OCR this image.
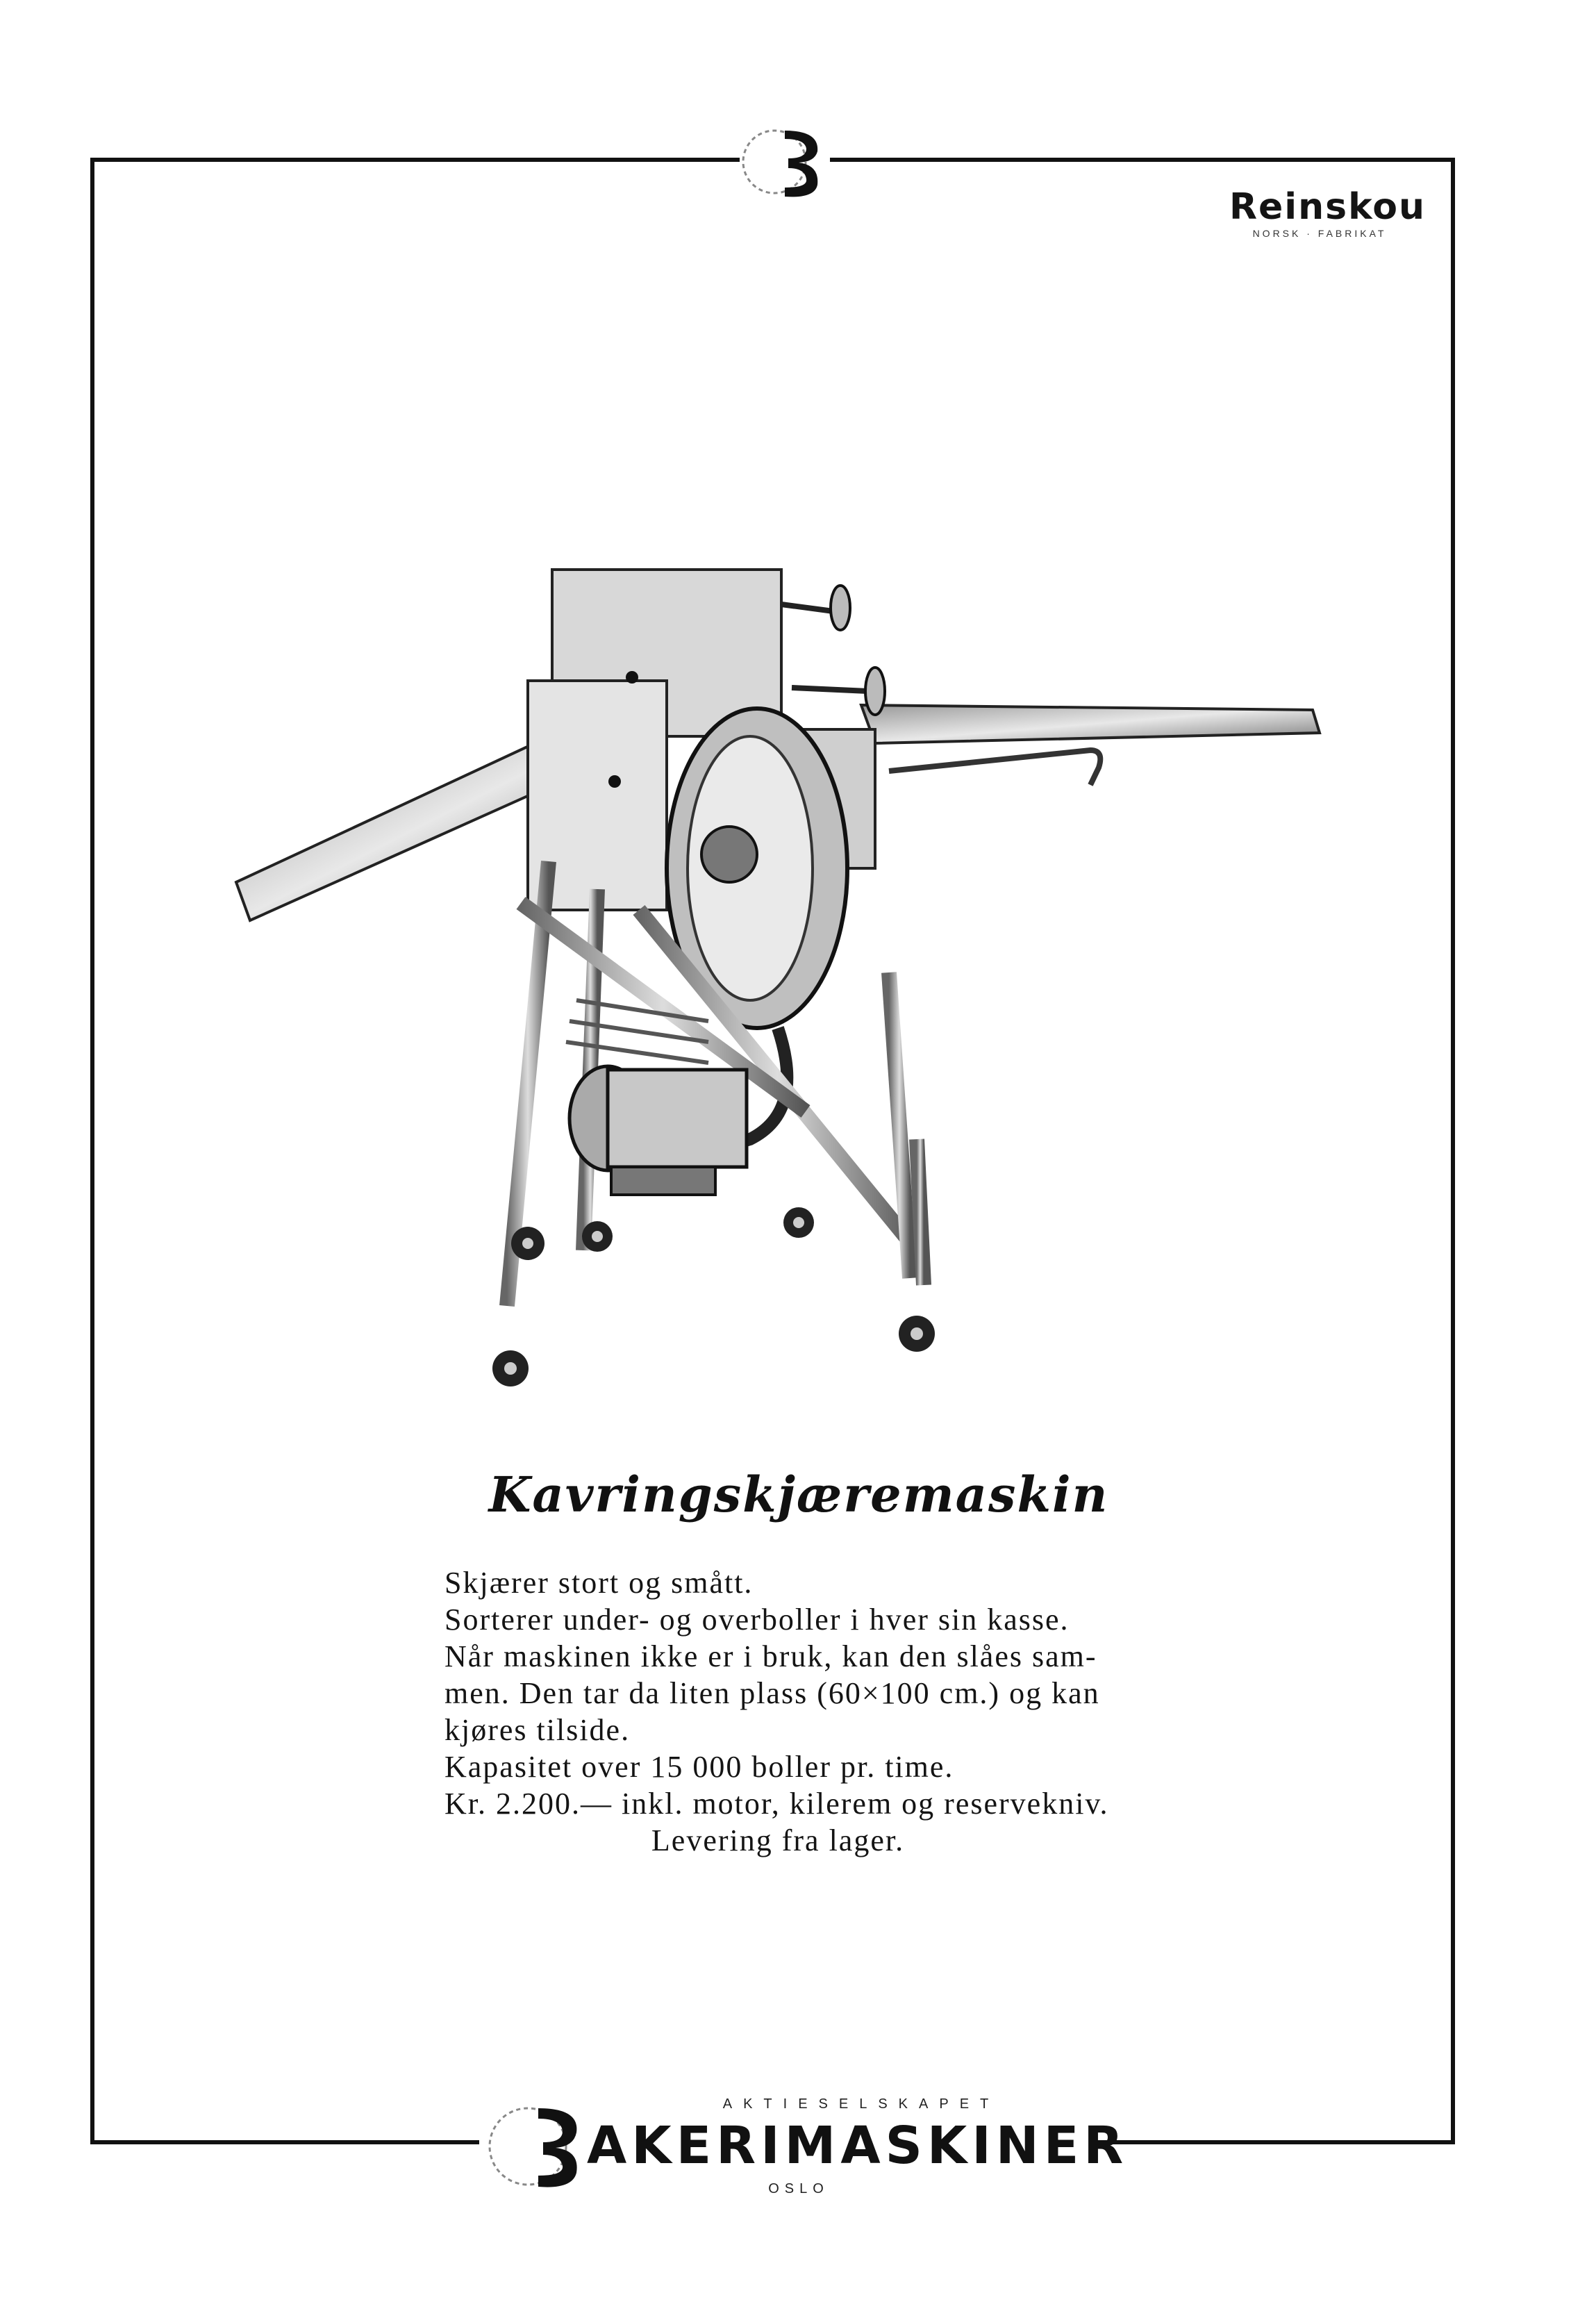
Reinskou
NORSK · FABRIKAT
Kavringskjæremaskin

Skjærer stort og smått.

Sorterer under- og overboller i hver sin kasse.

Når maskinen ikke er i bruk, kan den slåes sam-

men. Den tar da liten plass (60×100 cm.) og kan

kjøres tilside.

Kapasitet over 15 000 boller pr. time.

Kr. 2.200.— inkl. motor, kilerem og reservekniv.

Levering fra lager.

AKTIESELSKAPET
AKERIMASKINER
OSLO
